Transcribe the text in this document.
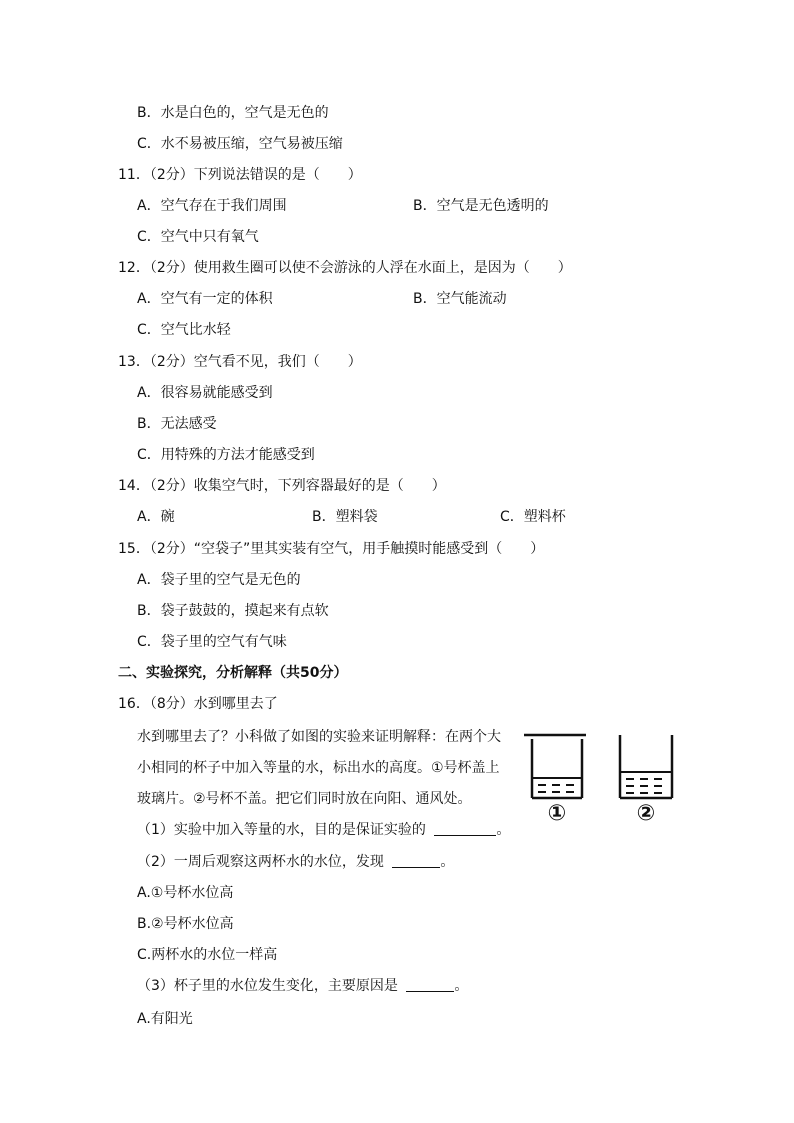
B．水是白色的，空气是无色的
C．水不易被压缩，空气易被压缩
11．（2分）下列说法错误的是（　　）
A．空气存在于我们周围	B．空气是无色透明的
C．空气中只有氧气
12．（2分）使用救生圈可以使不会游泳的人浮在水面上，是因为（　　）
A．空气有一定的体积	B．空气能流动
C．空气比水轻
13．（2分）空气看不见，我们（　　）
A．很容易就能感受到
B．无法感受
C．用特殊的方法才能感受到
14．（2分）收集空气时，下列容器最好的是（　　）
A．碗	B．塑料袋	C．塑料杯
15．（2分）“空袋子”里其实装有空气，用手触摸时能感受到（　　）
A．袋子里的空气是无色的
B．袋子鼓鼓的，摸起来有点软
C．袋子里的空气有气味
二、实验探究，分析解释（共50分）
16．（8分）水到哪里去了
水到哪里去了？小科做了如图的实验来证明解释：在两个大
小相同的杯子中加入等量的水，标出水的高度。①号杯盖上
玻璃片。②号杯不盖。把它们同时放在向阳、通风处。
（1）实验中加入等量的水，目的是保证实验的	。
（2）一周后观察这两杯水的水位，发现	。
A.①号杯水位高
B.②号杯水位高
C.两杯水的水位一样高
（3）杯子里的水位发生变化，主要原因是	。
A.有阳光
①	②
